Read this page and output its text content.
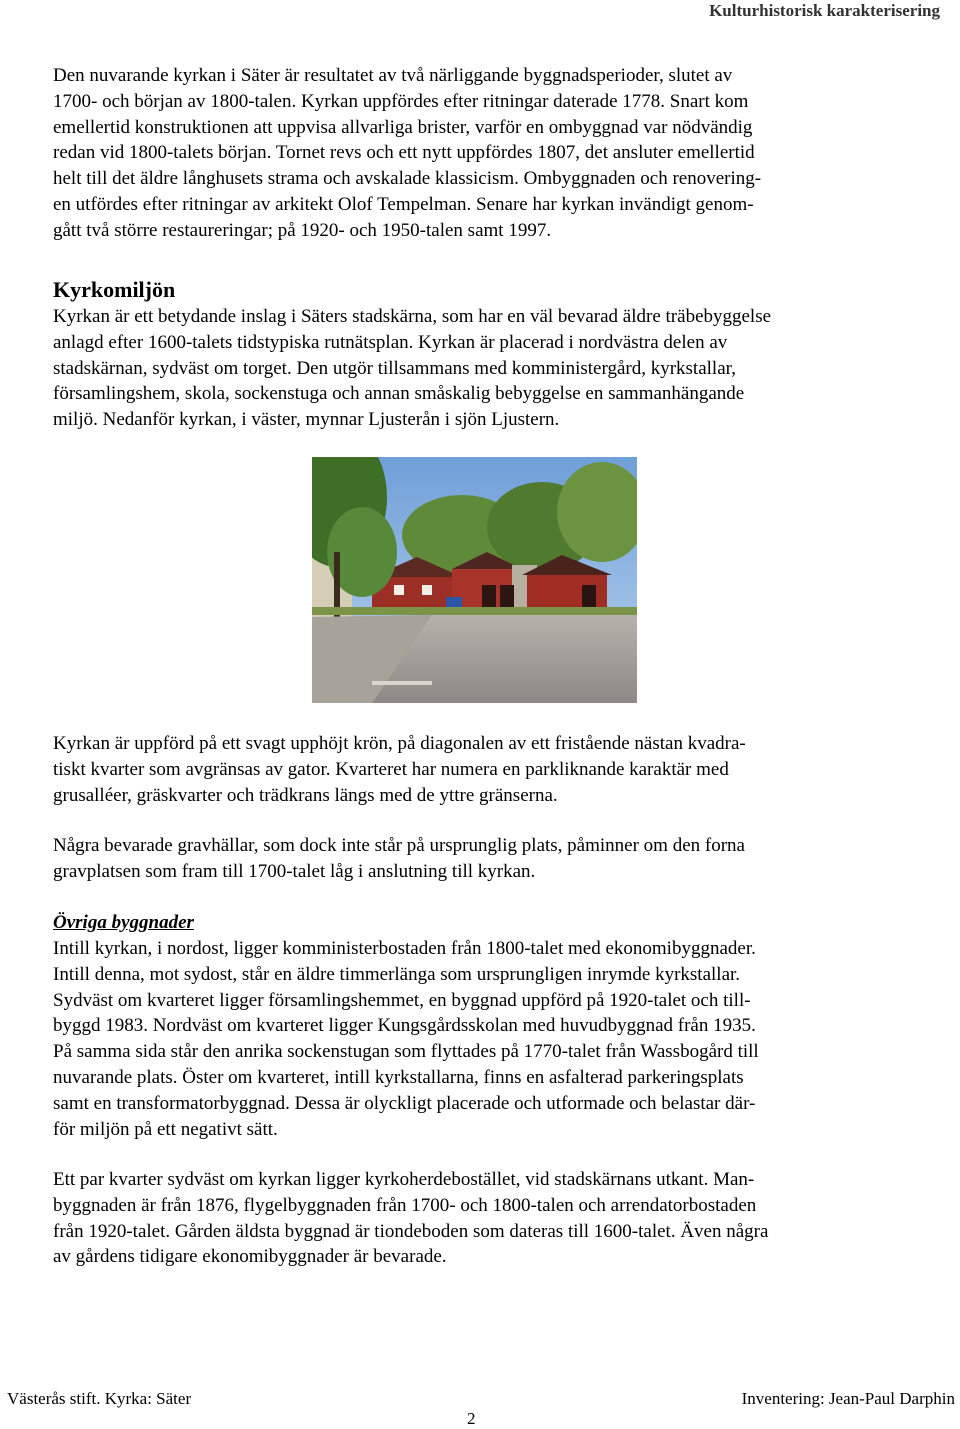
Kulturhistorisk karakterisering
Den nuvarande kyrkan i Säter är resultatet av två närliggande byggnadsperioder, slutet av
1700- och början av 1800-talen. Kyrkan uppfördes efter ritningar daterade 1778. Snart kom
emellertid konstruktionen att uppvisa allvarliga brister, varför en ombyggnad var nödvändig
redan vid 1800-talets början. Tornet revs och ett nytt uppfördes 1807, det ansluter emellertid
helt till det äldre långhusets strama och avskalade klassicism. Ombyggnaden och renovering-
en utfördes efter ritningar av arkitekt Olof Tempelman. Senare har kyrkan invändigt genom-
gått två större restaureringar; på 1920- och 1950-talen samt 1997.
Kyrkomiljön
Kyrkan är ett betydande inslag i Säters stadskärna, som har en väl bevarad äldre träbebyggelse
anlagd efter 1600-talets tidstypiska rutnätsplan. Kyrkan är placerad i nordvästra delen av
stadskärnan, sydväst om torget. Den utgör tillsammans med komministergård, kyrkstallar,
församlingshem, skola, sockenstuga och annan småskalig bebyggelse en sammanhängande
miljö. Nedanför kyrkan, i väster, mynnar Ljusterån i sjön Ljustern.
Kyrkan är uppförd på ett svagt upphöjt krön, på diagonalen av ett fristående nästan kvadra-
tiskt kvarter som avgränsas av gator. Kvarteret har numera en parkliknande karaktär med
grusalléer, gräskvarter och trädkrans längs med de yttre gränserna.
Några bevarade gravhällar, som dock inte står på ursprunglig plats, påminner om den forna
gravplatsen som fram till 1700-talet låg i anslutning till kyrkan.
Övriga byggnader
Intill kyrkan, i nordost, ligger komministerbostaden från 1800-talet med ekonomibyggnader.
Intill denna, mot sydost, står en äldre timmerlänga som ursprungligen inrymde kyrkstallar.
Sydväst om kvarteret ligger församlingshemmet, en byggnad uppförd på 1920-talet och till-
byggd 1983. Nordväst om kvarteret ligger Kungsgårdsskolan med huvudbyggnad från 1935.
På samma sida står den anrika sockenstugan som flyttades på 1770-talet från Wassbogård till
nuvarande plats. Öster om kvarteret, intill kyrkstallarna, finns en asfalterad parkeringsplats
samt en transformatorbyggnad. Dessa är olyckligt placerade och utformade och belastar där-
för miljön på ett negativt sätt.
Ett par kvarter sydväst om kyrkan ligger kyrkoherdebostället, vid stadskärnans utkant. Man-
byggnaden är från 1876, flygelbyggnaden från 1700- och 1800-talen och arrendatorbostaden
från 1920-talet. Gården äldsta byggnad är tiondeboden som dateras till 1600-talet. Även några
av gårdens tidigare ekonomibyggnader är bevarade.
Västerås stift. Kyrka: Säter	Inventering: Jean-Paul Darphin
2
